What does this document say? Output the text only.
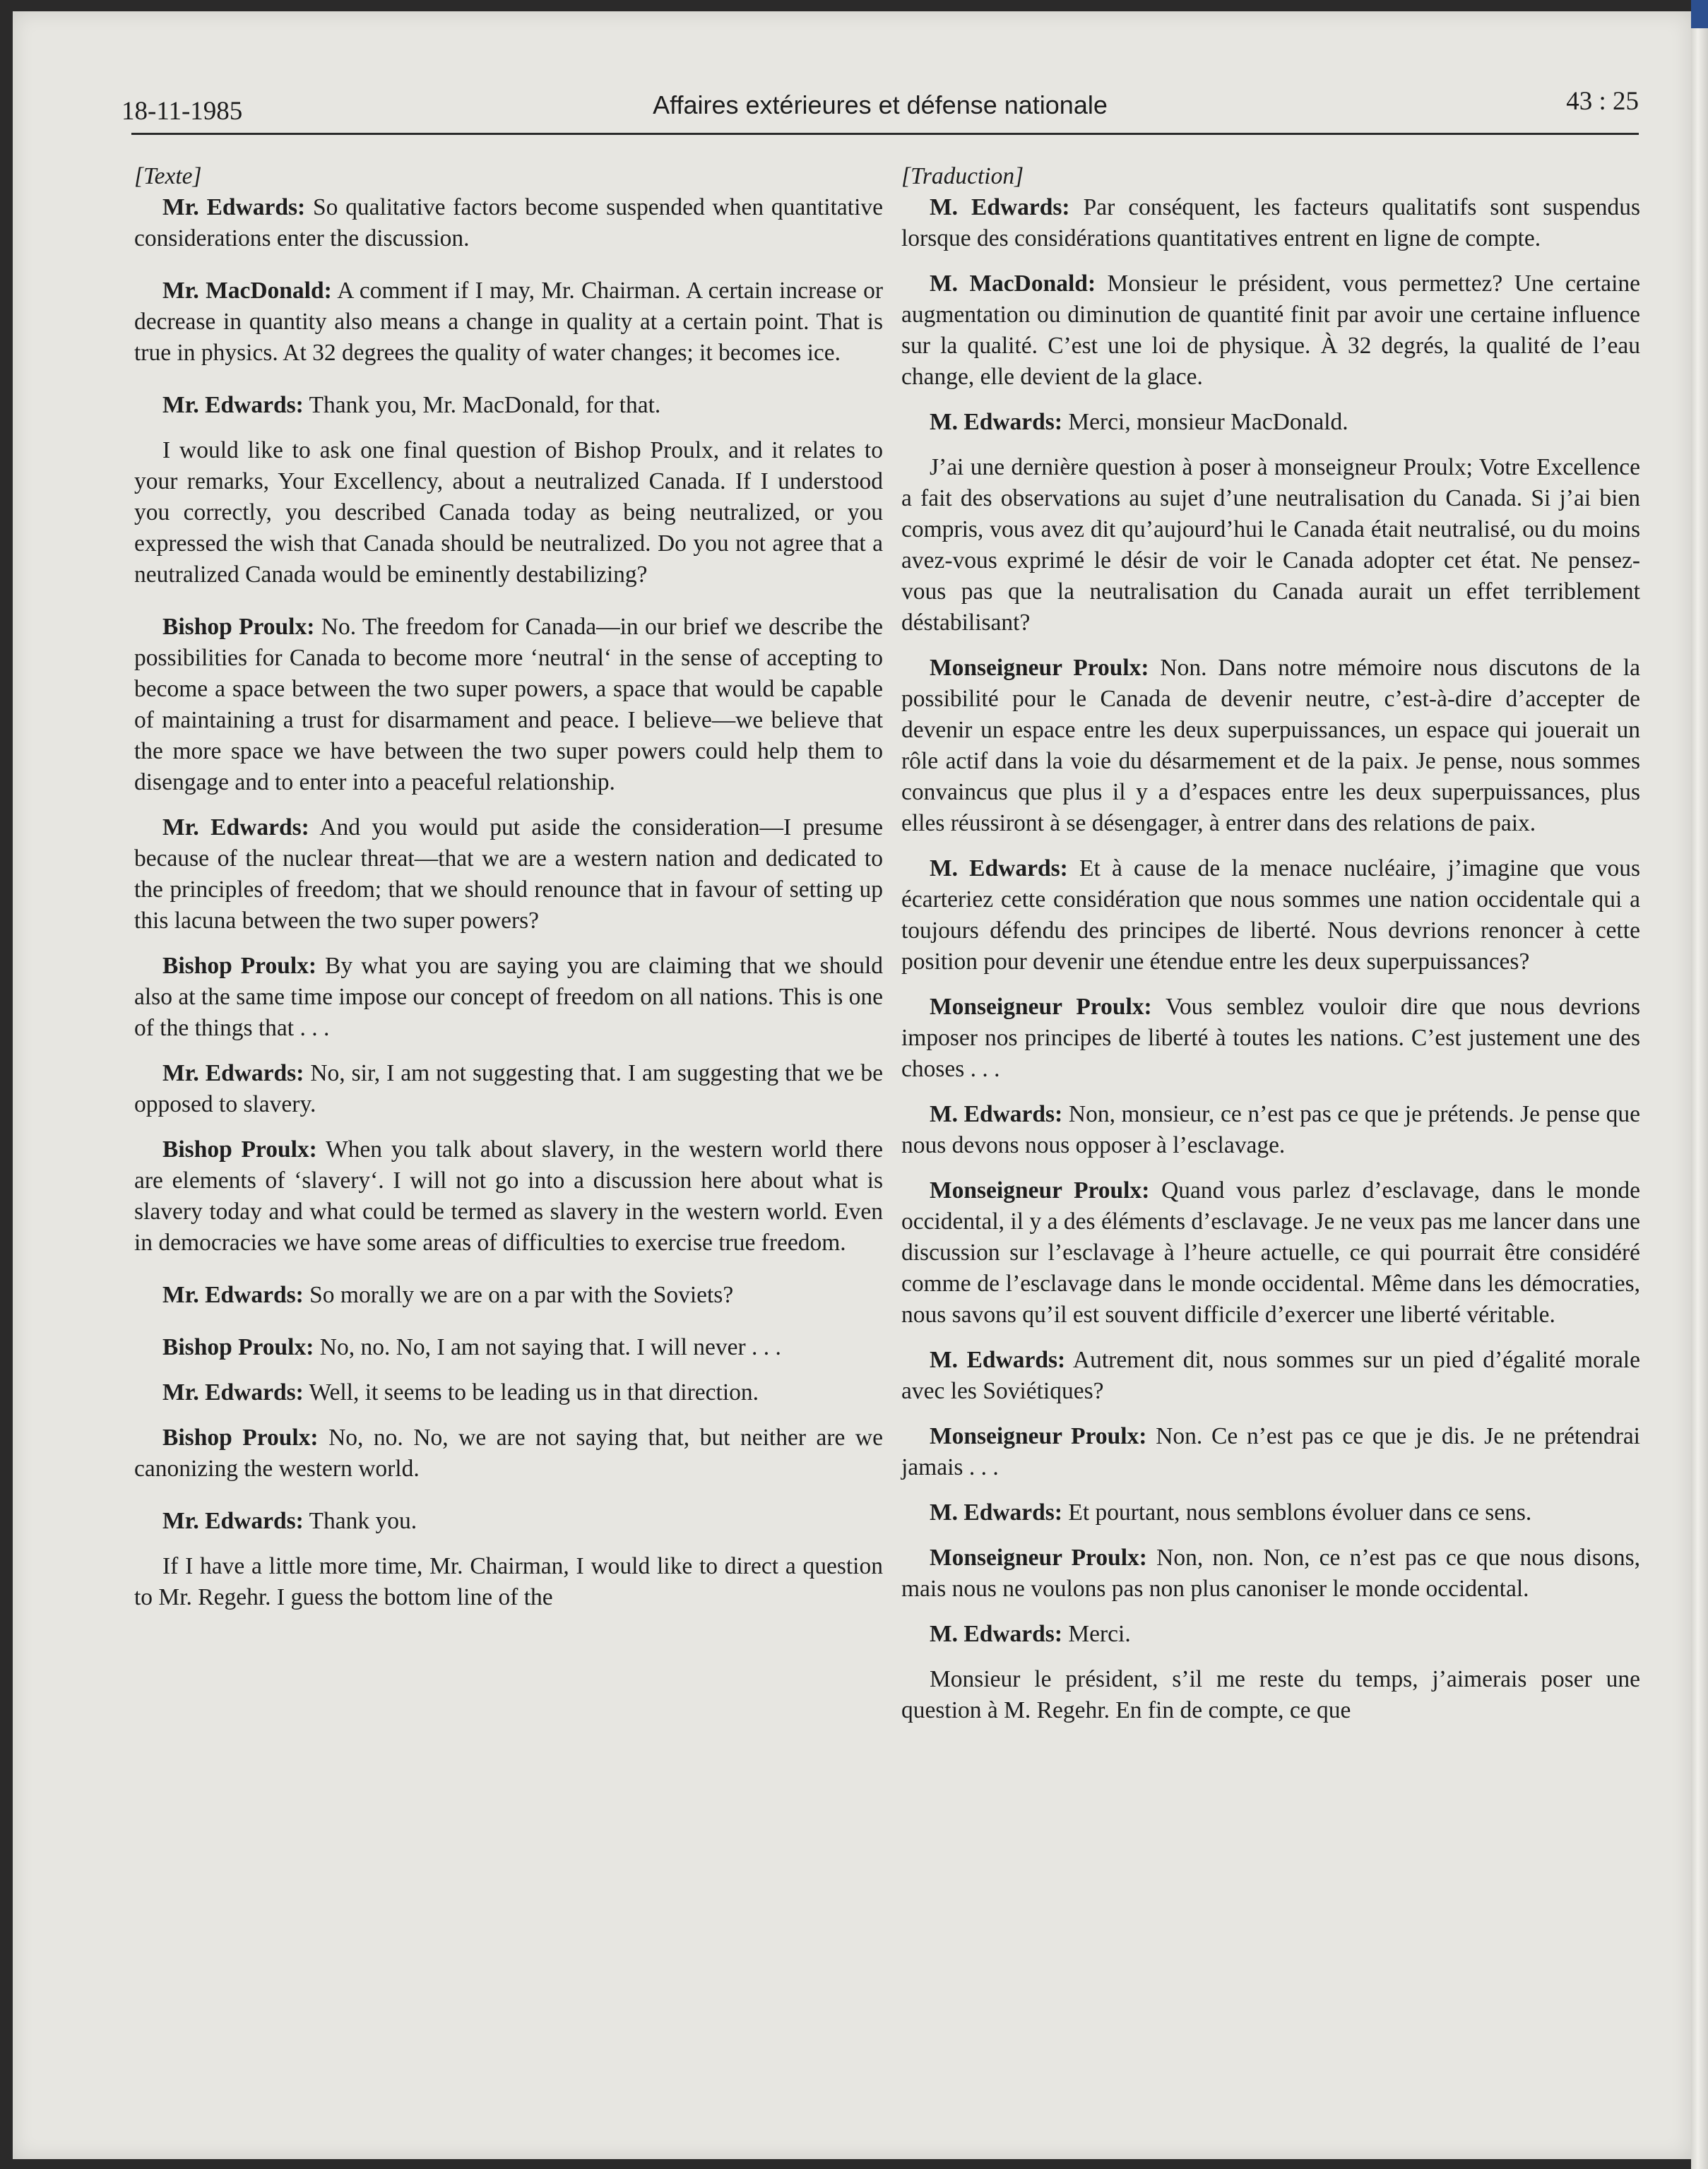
18-11-1985	Affaires extérieures et défense nationale	43 : 25

[Texte]

Mr. Edwards: So qualitative factors become suspended when quantitative considerations enter the discussion.

Mr. MacDonald: A comment if I may, Mr. Chairman. A certain increase or decrease in quantity also means a change in quality at a certain point. That is true in physics. At 32 degrees the quality of water changes; it becomes ice.

Mr. Edwards: Thank you, Mr. MacDonald, for that.

I would like to ask one final question of Bishop Proulx, and it relates to your remarks, Your Excellency, about a neutralized Canada. If I understood you correctly, you described Canada today as being neutralized, or you expressed the wish that Canada should be neutralized. Do you not agree that a neutralized Canada would be eminently destabilizing?

Bishop Proulx: No. The freedom for Canada—in our brief we describe the possibilities for Canada to become more ‘neutral‘ in the sense of accepting to become a space between the two super powers, a space that would be capable of maintaining a trust for disarmament and peace. I believe—we believe that the more space we have between the two super powers could help them to disengage and to enter into a peaceful relationship.

Mr. Edwards: And you would put aside the consideration—I presume because of the nuclear threat—that we are a western nation and dedicated to the principles of freedom; that we should renounce that in favour of setting up this lacuna between the two super powers?

Bishop Proulx: By what you are saying you are claiming that we should also at the same time impose our concept of freedom on all nations. This is one of the things that . . .

Mr. Edwards: No, sir, I am not suggesting that. I am suggesting that we be opposed to slavery.

Bishop Proulx: When you talk about slavery, in the western world there are elements of ‘slavery‘. I will not go into a discussion here about what is slavery today and what could be termed as slavery in the western world. Even in democracies we have some areas of difficulties to exercise true freedom.

Mr. Edwards: So morally we are on a par with the Soviets?

Bishop Proulx: No, no. No, I am not saying that. I will never . . .

Mr. Edwards: Well, it seems to be leading us in that direction.

Bishop Proulx: No, no. No, we are not saying that, but neither are we canonizing the western world.

Mr. Edwards: Thank you.

If I have a little more time, Mr. Chairman, I would like to direct a question to Mr. Regehr. I guess the bottom line of the

[Traduction]

M. Edwards: Par conséquent, les facteurs qualitatifs sont suspendus lorsque des considérations quantitatives entrent en ligne de compte.

M. MacDonald: Monsieur le président, vous permettez? Une certaine augmentation ou diminution de quantité finit par avoir une certaine influence sur la qualité. C’est une loi de physique. À 32 degrés, la qualité de l’eau change, elle devient de la glace.

M. Edwards: Merci, monsieur MacDonald.

J’ai une dernière question à poser à monseigneur Proulx; Votre Excellence a fait des observations au sujet d’une neutralisation du Canada. Si j’ai bien compris, vous avez dit qu’aujourd’hui le Canada était neutralisé, ou du moins avez-vous exprimé le désir de voir le Canada adopter cet état. Ne pensez-vous pas que la neutralisation du Canada aurait un effet terriblement déstabilisant?

Monseigneur Proulx: Non. Dans notre mémoire nous discutons de la possibilité pour le Canada de devenir neutre, c’est-à-dire d’accepter de devenir un espace entre les deux superpuissances, un espace qui jouerait un rôle actif dans la voie du désarmement et de la paix. Je pense, nous sommes convaincus que plus il y a d’espaces entre les deux superpuissances, plus elles réussiront à se désengager, à entrer dans des relations de paix.

M. Edwards: Et à cause de la menace nucléaire, j’imagine que vous écarteriez cette considération que nous sommes une nation occidentale qui a toujours défendu des principes de liberté. Nous devrions renoncer à cette position pour devenir une étendue entre les deux superpuissances?

Monseigneur Proulx: Vous semblez vouloir dire que nous devrions imposer nos principes de liberté à toutes les nations. C’est justement une des choses . . .

M. Edwards: Non, monsieur, ce n’est pas ce que je prétends. Je pense que nous devons nous opposer à l’esclavage.

Monseigneur Proulx: Quand vous parlez d’esclavage, dans le monde occidental, il y a des éléments d’esclavage. Je ne veux pas me lancer dans une discussion sur l’esclavage à l’heure actuelle, ce qui pourrait être considéré comme de l’esclavage dans le monde occidental. Même dans les démocraties, nous savons qu’il est souvent difficile d’exercer une liberté véritable.

M. Edwards: Autrement dit, nous sommes sur un pied d’égalité morale avec les Soviétiques?

Monseigneur Proulx: Non. Ce n’est pas ce que je dis. Je ne prétendrai jamais . . .

M. Edwards: Et pourtant, nous semblons évoluer dans ce sens.

Monseigneur Proulx: Non, non. Non, ce n’est pas ce que nous disons, mais nous ne voulons pas non plus canoniser le monde occidental.

M. Edwards: Merci.

Monsieur le président, s’il me reste du temps, j’aimerais poser une question à M. Regehr. En fin de compte, ce que
